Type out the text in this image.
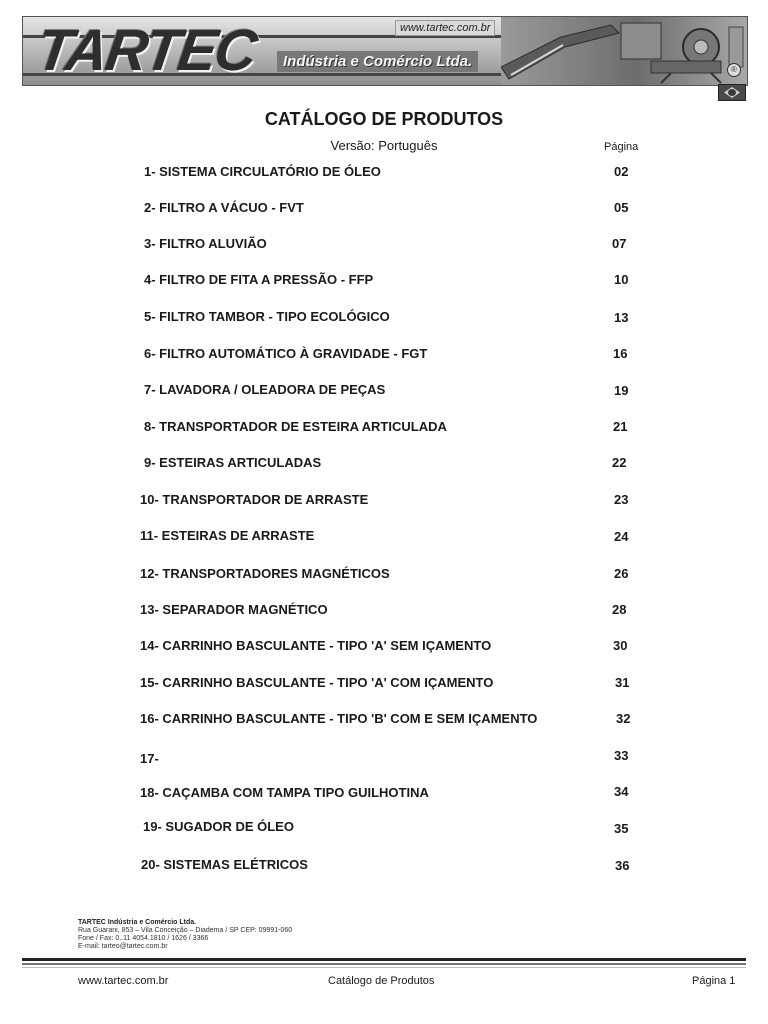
TARTEC	www.tartec.com.br
Indústria e Comércio Ltda.	®
CATÁLOGO DE PRODUTOS
Versão: Português	Página
1- SISTEMA CIRCULATÓRIO DE ÓLEO	02
2- FILTRO A VÁCUO - FVT	05
3- FILTRO ALUVIÃO	07
4- FILTRO DE FITA A PRESSÃO - FFP	10
5- FILTRO TAMBOR - TIPO ECOLÓGICO	13
6- FILTRO AUTOMÁTICO À GRAVIDADE - FGT	16
7- LAVADORA / OLEADORA DE PEÇAS	19
8- TRANSPORTADOR DE ESTEIRA ARTICULADA	21
9- ESTEIRAS ARTICULADAS	22
10- TRANSPORTADOR DE ARRASTE	23
11- ESTEIRAS DE ARRASTE	24
12- TRANSPORTADORES MAGNÉTICOS	26
13- SEPARADOR MAGNÉTICO	28
14- CARRINHO BASCULANTE - TIPO 'A' SEM IÇAMENTO	30
15- CARRINHO BASCULANTE - TIPO 'A' COM IÇAMENTO	31
16- CARRINHO BASCULANTE - TIPO 'B' COM E SEM IÇAMENTO	32
17-	33
18- CAÇAMBA COM TAMPA TIPO GUILHOTINA	34
19- SUGADOR DE ÓLEO	35
20- SISTEMAS ELÉTRICOS	36
TARTEC Indústria e Comércio Ltda.
Rua Guarani, 853 – Vila Conceição – Diadema / SP CEP: 09991-060
Fone / Fax: 0..11 4054.1810 / 1626 / 3366
E-mail: tarteo@tartec.com.br
www.tartec.com.br	Catálogo de Produtos	Página 1
